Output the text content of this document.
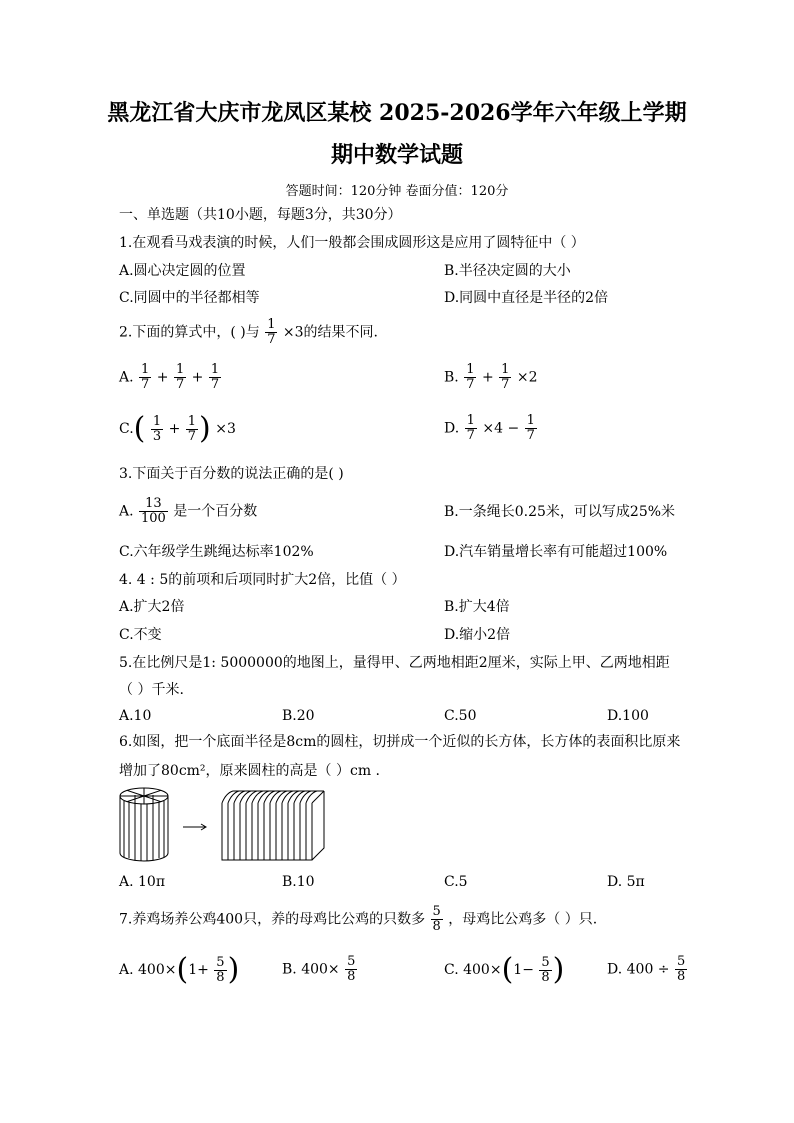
黑龙江省大庆市龙凤区某校 2025-2026学年六年级上学期
期中数学试题
答题时间：120分钟 卷面分值：120分
一、单选题（共10小题，每题3分，共30分）
1.在观看马戏表演的时候，人们一般都会围成圆形这是应用了圆特征中（ ）
A.圆心决定圆的位置	B.半径决定圆的大小
C.同圆中的半径都相等	D.同圆中直径是半径的2倍
2.下面的算式中，( )与 $\frac{1}{7} \times 3$的结果不同.
A. $\frac{1}{7} + \frac{1}{7} + \frac{1}{7}$	B. $\frac{1}{7} + \frac{1}{7} \times 2$
$C.( \frac{1}{3} + \frac{1}{7}$ ) ×3	D. $\frac{1}{7} \times 4 - \frac{1}{7}$
3.下面关于百分数的说法正确的是( )
A. $\frac{13}{100}$ 是一个百分数	B.一条绳长0.25米，可以写成25%米
C.六年级学生跳绳达标率102%	D.汽车销量增长率有可能超过100%
4. 4 : 5的前项和后项同时扩大2倍，比值（ ）
A.扩大2倍	B.扩大4倍
C.不变	D.缩小2倍
5.在比例尺是1: 5000000的地图上，量得甲、乙两地相距2厘米，实际上甲、乙两地相距
（ ）千米.
A.10	B.20	C.50	D.100
6.如图，把一个底面半径是8cm的圆柱，切拼成一个近似的长方体，长方体的表面积比原来
增加了80cm²，原来圆柱的高是（ ）cm .
A. 10π	B.10	C.5	D. 5π
7.养鸡场养公鸡400只，养的母鸡比公鸡的只数多 $\frac{5}{8}$ ，母鸡比公鸡多（ ）只.
A. $400\times(1+ \frac{5}{8}$ )	B. $400\times \frac{5}{8}$	C. $400\times(1- \frac{5}{8}$ )	D. $400 \div \frac{5}{8}$
